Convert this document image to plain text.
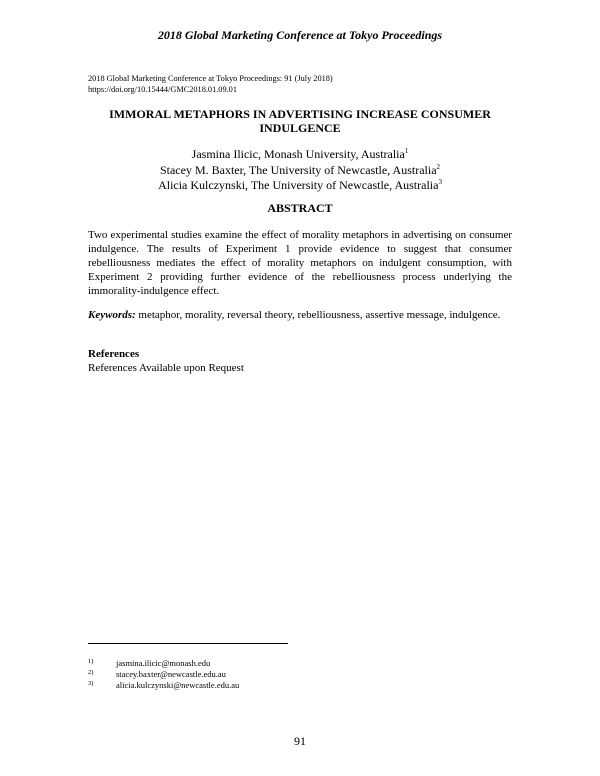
2018 Global Marketing Conference at Tokyo Proceedings
2018 Global Marketing Conference at Tokyo Proceedings: 91 (July 2018)
https://doi.org/10.15444/GMC2018.01.09.01
IMMORAL METAPHORS IN ADVERTISING INCREASE CONSUMER INDULGENCE
Jasmina Ilicic, Monash University, Australia$^1$
Stacey M. Baxter, The University of Newcastle, Australia$^2$
Alicia Kulczynski, The University of Newcastle, Australia$^3$
ABSTRACT

Two experimental studies examine the effect of morality metaphors in advertising on consumer indulgence. The results of Experiment 1 provide evidence to suggest that consumer rebelliousness mediates the effect of morality metaphors on indulgent consumption, with Experiment 2 providing further evidence of the rebelliousness process underlying the immorality-indulgence effect.

Keywords: metaphor, morality, reversal theory, rebelliousness, assertive message, indulgence.

References
References Available upon Request
1)	jasmina.ilicic@monash.edu
2)	stacey.baxter@newcastle.edu.au
3)	alicia.kulczynski@newcastle.edu.au
91
